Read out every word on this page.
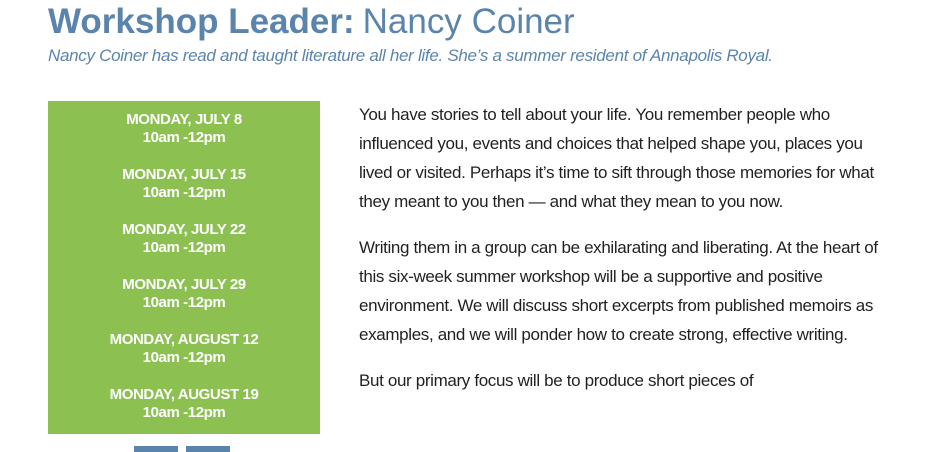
Workshop Leader: Nancy Coiner

Nancy Coiner has read and taught literature all her life. She’s a summer resident of Annapolis Royal.

MONDAY, JULY 8
10am -12pm
MONDAY, JULY 15
10am -12pm
MONDAY, JULY 22
10am -12pm
MONDAY, JULY 29
10am -12pm
MONDAY, AUGUST 12
10am -12pm
MONDAY, AUGUST 19
10am -12pm

You have stories to tell about your life. You remember people who influenced you, events and choices that helped shape you, places you lived or visited. Perhaps it’s time to sift through those memories for what they meant to you then — and what they mean to you now.

Writing them in a group can be exhilarating and liberating. At the heart of this six-week summer workshop will be a supportive and positive environment. We will discuss short excerpts from published memoirs as examples, and we will ponder how to create strong, effective writing.

But our primary focus will be to produce short pieces of
